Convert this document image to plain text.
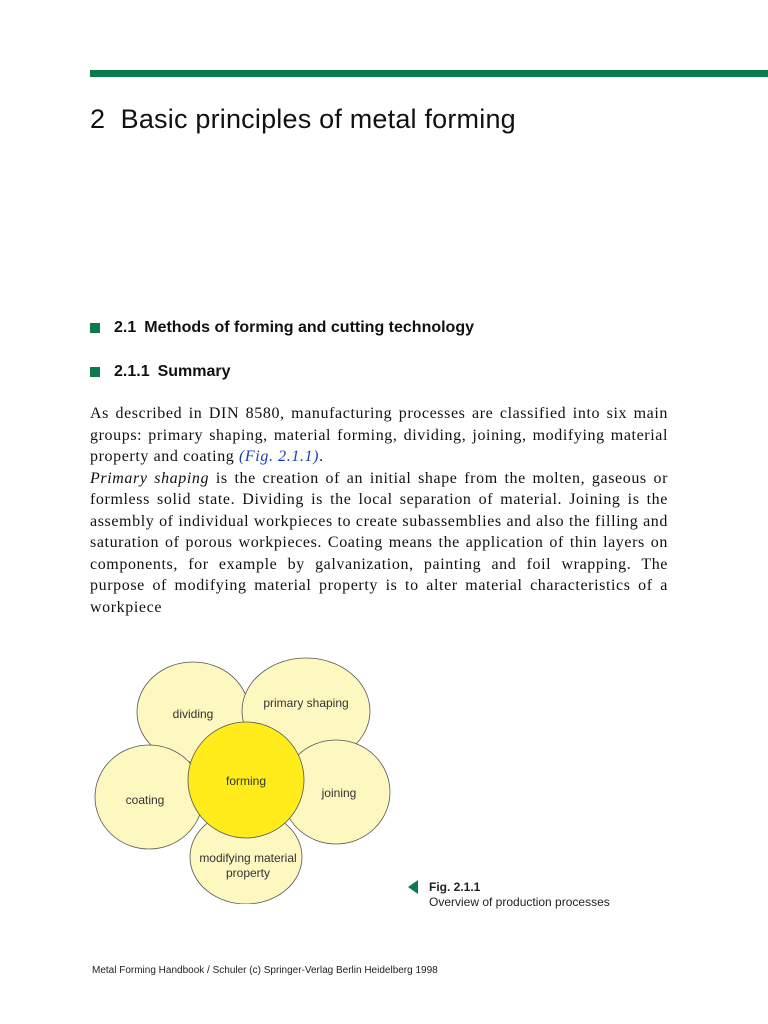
2 Basic principles of metal forming
2.1 Methods of forming and cutting technology
2.1.1 Summary

As described in DIN 8580, manufacturing processes are classified into six main groups: primary shaping, material forming, dividing, joining, modifying material property and coating (Fig. 2.1.1).

Primary shaping is the creation of an initial shape from the molten, gaseous or formless solid state. Dividing is the local separation of material. Joining is the assembly of individual workpieces to create subassemblies and also the filling and saturation of porous workpieces. Coating means the application of thin layers on components, for example by galvanization, painting and foil wrapping. The purpose of modifying material property is to alter material characteristics of a workpiece

dividing
primary shaping
joining
modifying material
property
coating
forming
Fig. 2.1.1
Overview of production processes
Metal Forming Handbook / Schuler (c) Springer-Verlag Berlin Heidelberg 1998
